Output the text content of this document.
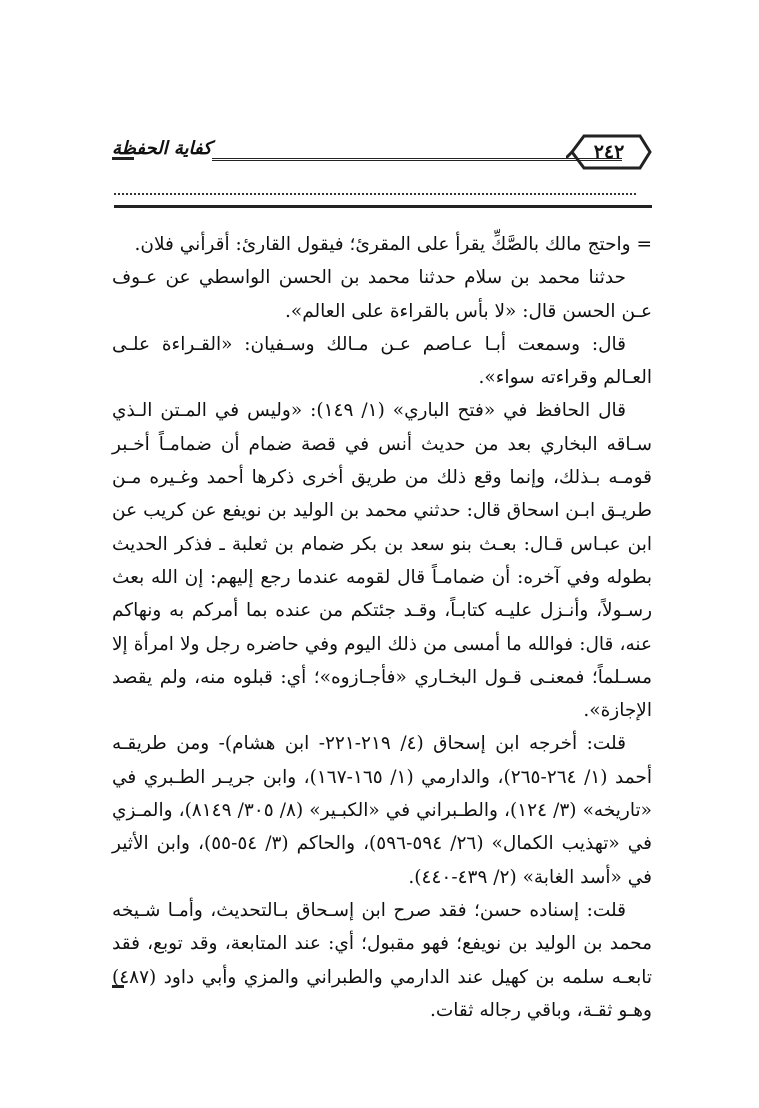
كفاية الحفظة	٢٤٢

= واحتج مالك بالصَّكِّ يقرأ على المقرئ؛ فيقول القارئ: أقرأني فلان.

حدثنا محمد بن سلام حدثنا محمد بن الحسن الواسطي عن عـوف عـن الحسن قال: «لا بأس بالقراءة على العالم».

قال: وسمعت أبـا عـاصم عـن مـالك وسـفيان: «القـراءة علـى العـالم وقراءته سواء».

قال الحافظ في «فتح الباري» (١/ ١٤٩): «وليس في المـتن الـذي سـاقه البخاري بعد من حديث أنس في قصة ضمام أن ضمامـاً أخـبر قومـه بـذلك، وإنما وقع ذلك من طريق أخرى ذكرها أحمد وغـيره مـن طريـق ابـن اسحاق قال: حدثني محمد بن الوليد بن نويفع عن كريب عن ابن عبـاس قـال: بعـث بنو سعد بن بكر ضمام بن ثعلبة ـ فذكر الحديث بطوله وفي آخره: أن ضمامـاً قال لقومه عندما رجع إليهم: إن الله بعث رسـولاً، وأنـزل عليـه كتابـاً، وقـد جئتكم من عنده بما أمركم به ونهاكم عنه، قال: فوالله ما أمسى من ذلك اليوم وفي حاضره رجل ولا امرأة إلا مسـلماً؛ فمعنـى قـول البخـاري «فأجـازوه»؛ أي: قبلوه منه، ولم يقصد الإجازة».

قلت: أخرجه ابن إسحاق (٤/ ٢١٩-٢٢١- ابن هشام)- ومن طريقـه أحمد (١/ ٢٦٤-٢٦٥)، والدارمي (١/ ١٦٥-١٦٧)، وابن جريـر الطـبري في «تاريخه» (٣/ ١٢٤)، والطـبراني في «الكبـير» (٨/ ٣٠٥/ ٨١٤٩)، والمـزي في «تهذيب الكمال» (٢٦/ ٥٩٤-٥٩٦)، والحاكم (٣/ ٥٤-٥٥)، وابن الأثير في «أسد الغابة» (٢/ ٤٣٩-٤٤٠).

قلت: إسناده حسن؛ فقد صرح ابن إسـحاق بـالتحديث، وأمـا شـيخه محمد بن الوليد بن نويفع؛ فهو مقبول؛ أي: عند المتابعة، وقد توبع، فقد تابعـه سلمه بن كهيل عند الدارمي والطبراني والمزي وأبي داود (٤٨٧) وهـو ثقـة، وباقي رجاله ثقات.
